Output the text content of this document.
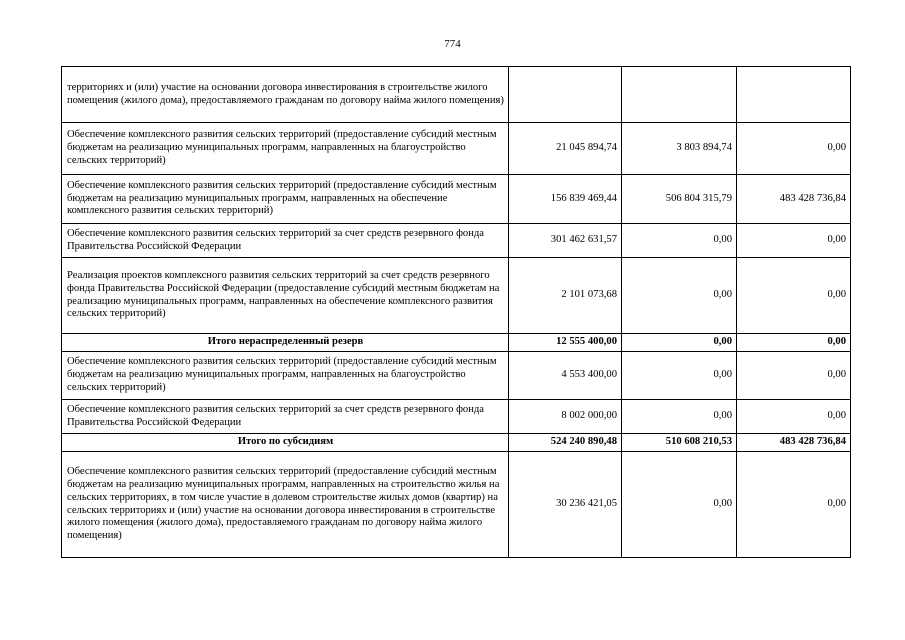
774
территориях и (или) участие на основании договора инвестирования в строительстве жилого помещения (жилого дома), предоставляемого гражданам по договору найма жилого помещения)			
Обеспечение комплексного развития сельских территорий (предоставление субсидий местным бюджетам на реализацию муниципальных программ, направленных на благоустройство сельских территорий)	21 045 894,74	3 803 894,74	0,00
Обеспечение комплексного развития сельских территорий (предоставление субсидий местным бюджетам на реализацию муниципальных программ, направленных на обеспечение комплексного развития сельских территорий)	156 839 469,44	506 804 315,79	483 428 736,84
Обеспечение комплексного развития сельских территорий за счет средств резервного фонда Правительства Российской Федерации	301 462 631,57	0,00	0,00
Реализация проектов комплексного развития сельских территорий за счет средств резервного фонда Правительства Российской Федерации (предоставление субсидий местным бюджетам на реализацию муниципальных программ, направленных на обеспечение комплексного развития сельских территорий)	2 101 073,68	0,00	0,00
Итого нераспределенный резерв	12 555 400,00	0,00	0,00
Обеспечение комплексного развития сельских территорий (предоставление субсидий местным бюджетам на реализацию муниципальных программ, направленных на благоустройство сельских территорий)	4 553 400,00	0,00	0,00
Обеспечение комплексного развития сельских территорий за счет средств резервного фонда Правительства Российской Федерации	8 002 000,00	0,00	0,00
Итого по субсидиям	524 240 890,48	510 608 210,53	483 428 736,84
Обеспечение комплексного развития сельских территорий (предоставление субсидий местным бюджетам на реализацию муниципальных программ, направленных на строительство жилья на сельских территориях, в том числе участие в долевом строительстве жилых домов (квартир) на сельских территориях и (или) участие на основании договора инвестирования в строительстве жилого помещения (жилого дома), предоставляемого гражданам по договору найма жилого помещения)	30 236 421,05	0,00	0,00
